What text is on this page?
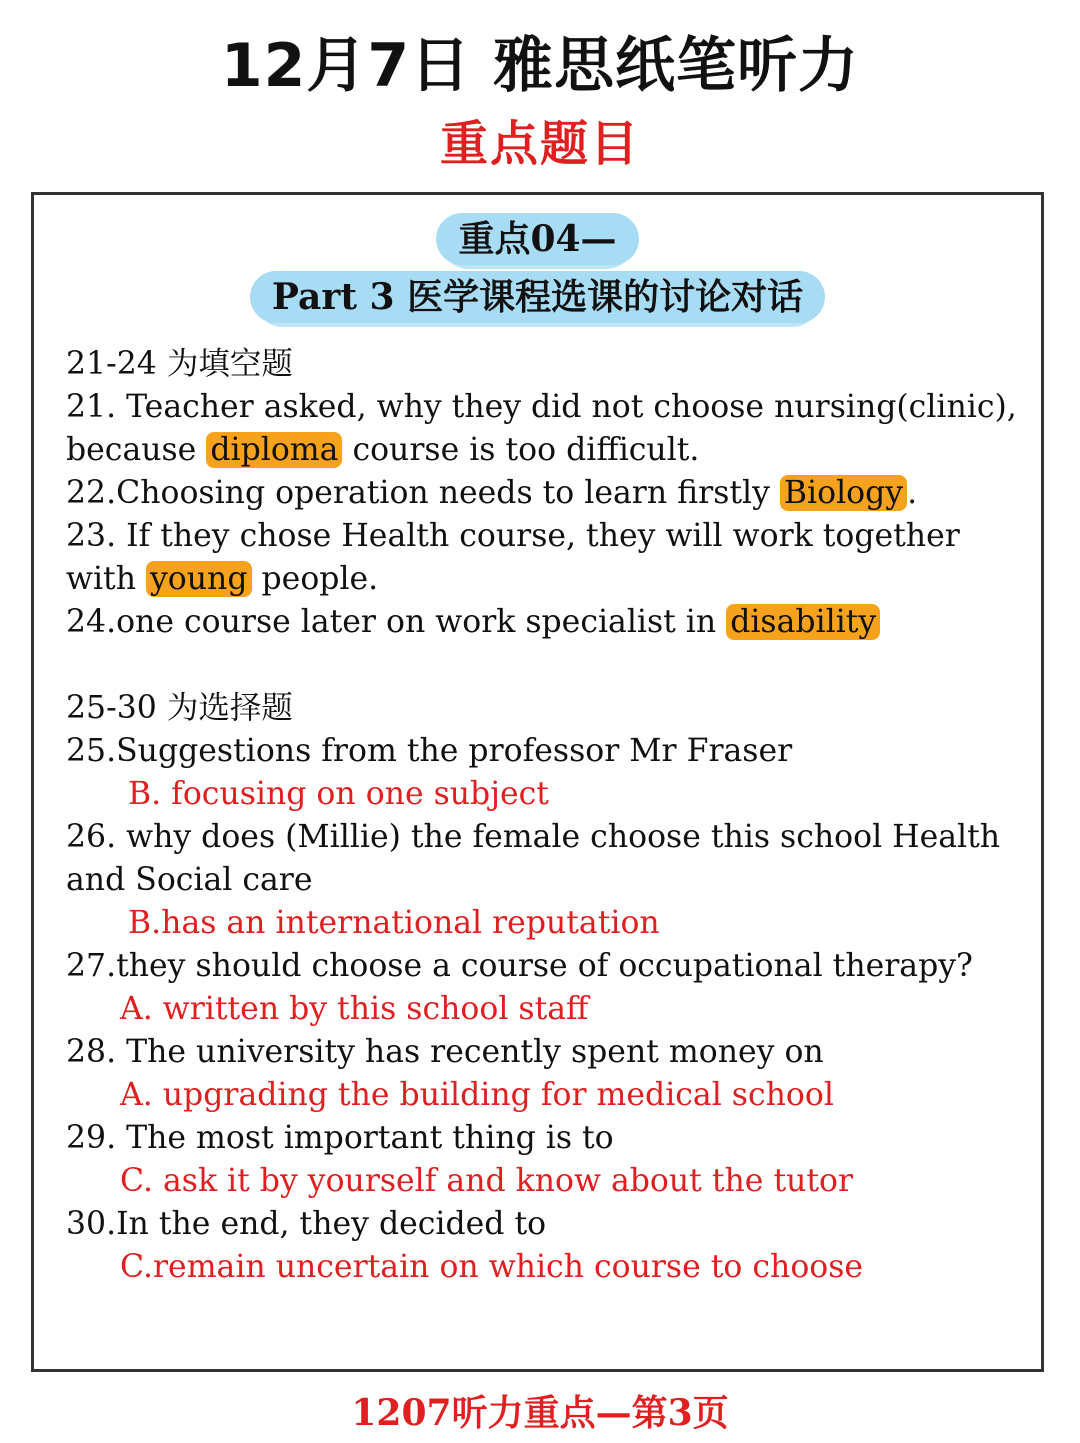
12月7日 雅思纸笔听力
重点题目
重点04—
Part 3 医学课程选课的讨论对话
21-24 为填空题
21. Teacher asked, why they did not choose nursing(clinic),
because diploma course is too difficult.
22.Choosing operation needs to learn firstly Biology .
23. If they chose Health course, they will work together
with young people.
24.one course later on work specialist in disability
25-30 为选择题
25.Suggestions from the professor Mr Fraser
B. focusing on one subject
26. why does (Millie) the female choose this school Health
and Social care
B.has an international reputation
27.they should choose a course of occupational therapy?
A. written by this school staff
28. The university has recently spent money on
A. upgrading the building for medical school
29. The most important thing is to
C. ask it by yourself and know about the tutor
30.In the end, they decided to
C.remain uncertain on which course to choose
1207听力重点—第3页
